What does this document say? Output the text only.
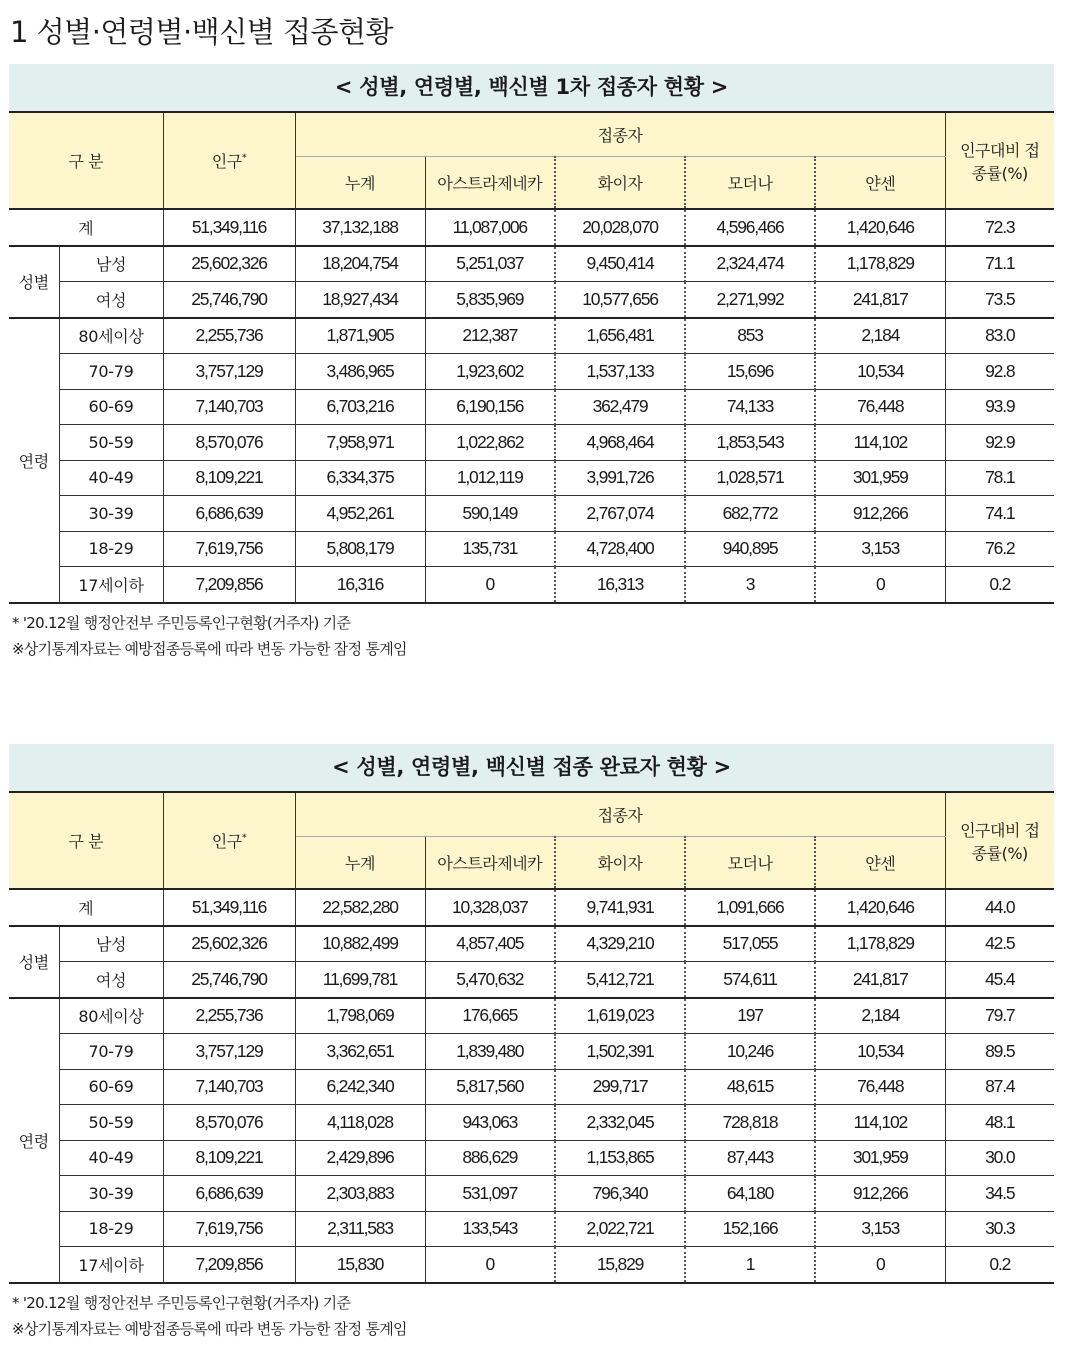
1 성별·연령별·백신별 접종현황
< 성별, 연령별, 백신별 1차 접종자 현황 >
구 분		인구*	접종자					인구대비 접
종률(%)

			누계	아스트라제네카	화이자	모더나	얀센	
계		51,349,116	37,132,188	11,087,006	20,028,070	4,596,466	1,420,646	72.3
성별	남성	25,602,326	18,204,754	5,251,037	9,450,414	2,324,474	1,178,829	71.1
	여성	25,746,790	18,927,434	5,835,969	10,577,656	2,271,992	241,817	73.5
연령	80세이상	2,255,736	1,871,905	212,387	1,656,481	853	2,184	83.0
	70-79	3,757,129	3,486,965	1,923,602	1,537,133	15,696	10,534	92.8
	60-69	7,140,703	6,703,216	6,190,156	362,479	74,133	76,448	93.9
	50-59	8,570,076	7,958,971	1,022,862	4,968,464	1,853,543	114,102	92.9
	40-49	8,109,221	6,334,375	1,012,119	3,991,726	1,028,571	301,959	78.1
	30-39	6,686,639	4,952,261	590,149	2,767,074	682,772	912,266	74.1
	18-29	7,619,756	5,808,179	135,731	4,728,400	940,895	3,153	76.2
	17세이하	7,209,856	16,316	0	16,313	3	0	0.2
* '20.12월 행정안전부 주민등록인구현황(거주자) 기준
※상기통계자료는 예방접종등록에 따라 변동 가능한 잠정 통계임
< 성별, 연령별, 백신별 접종 완료자 현황 >
구 분		인구*	접종자					인구대비 접
종률(%)

			누계	아스트라제네카	화이자	모더나	얀센	
계		51,349,116	22,582,280	10,328,037	9,741,931	1,091,666	1,420,646	44.0
성별	남성	25,602,326	10,882,499	4,857,405	4,329,210	517,055	1,178,829	42.5
	여성	25,746,790	11,699,781	5,470,632	5,412,721	574,611	241,817	45.4
연령	80세이상	2,255,736	1,798,069	176,665	1,619,023	197	2,184	79.7
	70-79	3,757,129	3,362,651	1,839,480	1,502,391	10,246	10,534	89.5
	60-69	7,140,703	6,242,340	5,817,560	299,717	48,615	76,448	87.4
	50-59	8,570,076	4,118,028	943,063	2,332,045	728,818	114,102	48.1
	40-49	8,109,221	2,429,896	886,629	1,153,865	87,443	301,959	30.0
	30-39	6,686,639	2,303,883	531,097	796,340	64,180	912,266	34.5
	18-29	7,619,756	2,311,583	133,543	2,022,721	152,166	3,153	30.3
	17세이하	7,209,856	15,830	0	15,829	1	0	0.2
* '20.12월 행정안전부 주민등록인구현황(거주자) 기준
※상기통계자료는 예방접종등록에 따라 변동 가능한 잠정 통계임
